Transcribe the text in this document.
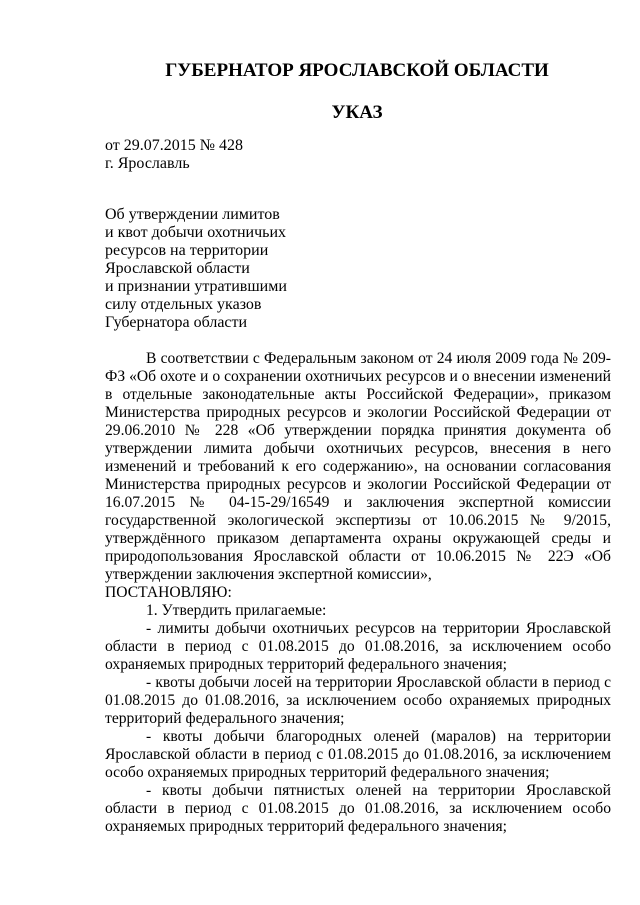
ГУБЕРНАТОР ЯРОСЛАВСКОЙ ОБЛАСТИ
УКАЗ
от 29.07.2015 № 428
г. Ярославль
Об утверждении лимитов
и квот добычи охотничьих
ресурсов на территории
Ярославской области
и признании утратившими
силу отдельных указов
Губернатора области

В соответствии с Федеральным законом от 24 июля 2009 года № 209-ФЗ «Об охоте и о сохранении охотничьих ресурсов и о внесении изменений в отдельные законодательные акты Российской Федерации», приказом Министерства природных ресурсов и экологии Российской Федерации от 29.06.2010 № 228 «Об утверждении порядка принятия документа об утверждении лимита добычи охотничьих ресурсов, внесения в него изменений и требований к его содержанию», на основании согласования Министерства природных ресурсов и экологии Российской Федерации от 16.07.2015 № 04-15-29/16549 и заключения экспертной комиссии государственной экологической экспертизы от 10.06.2015 № 9/2015, утверждённого приказом департамента охраны окружающей среды и природопользования Ярославской области от 10.06.2015 № 22Э «Об утверждении заключения экспертной комиссии»,

ПОСТАНОВЛЯЮ:

1. Утвердить прилагаемые:

- лимиты добычи охотничьих ресурсов на территории Ярославской области в период с 01.08.2015 до 01.08.2016, за исключением особо охраняемых природных территорий федерального значения;

- квоты добычи лосей на территории Ярославской области в период с 01.08.2015 до 01.08.2016, за исключением особо охраняемых природных территорий федерального значения;

- квоты добычи благородных оленей (маралов) на территории Ярославской области в период с 01.08.2015 до 01.08.2016, за исключением особо охраняемых природных территорий федерального значения;

- квоты добычи пятнистых оленей на территории Ярославской области в период с 01.08.2015 до 01.08.2016, за исключением особо охраняемых природных территорий федерального значения;
